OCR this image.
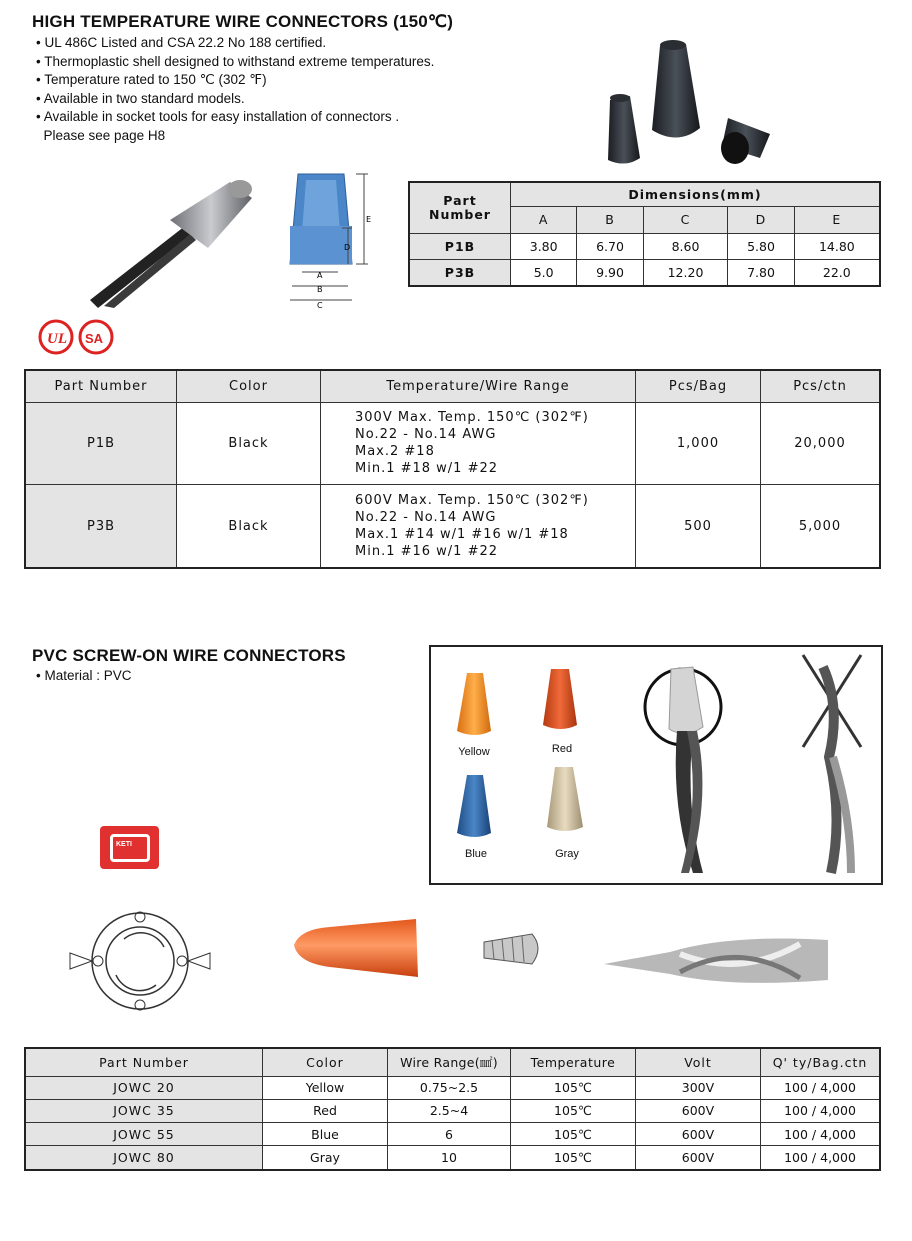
HIGH TEMPERATURE WIRE CONNECTORS (150℃)
• UL 486C Listed and CSA 22.2 No 188 certified.
• Thermoplastic shell designed to withstand extreme temperatures.
• Temperature rated to 150 ℃ (302 ℉)
• Available in two standard models.
• Available in socket tools for easy installation of connectors .
Please see page H8
E
D
A
B
C
Part
Number	Dimensions(mm)				
	A	B	C	D	E
P1B	3.80	6.70	8.60	5.80	14.80
P3B	5.0	9.90	12.20	7.80	22.0
UL SA
Part Number	Color	Temperature/Wire Range	Pcs/Bag	Pcs/ctn
P1B	Black	300V Max. Temp. 150℃ (302℉)
No.22 - No.14 AWG
Max.2 #18
Min.1 #18 w/1 #22	1,000	20,000
P3B	Black	600V Max. Temp. 150℃ (302℉)
No.22 - No.14 AWG
Max.1 #14 w/1 #16 w/1 #18
Min.1 #16 w/1 #22	500	5,000
PVC SCREW-ON WIRE CONNECTORS
• Material : PVC
Yellow	Red
Blue	Gray
KETI
Part Number	Color	Wire Range(㎟)	Temperature	Volt	Q' ty/Bag.ctn
JOWC 20	Yellow	0.75~2.5	105℃	300V	100 / 4,000
JOWC 35	Red	2.5~4	105℃	600V	100 / 4,000
JOWC 55	Blue	6	105℃	600V	100 / 4,000
JOWC 80	Gray	10	105℃	600V	100 / 4,000
